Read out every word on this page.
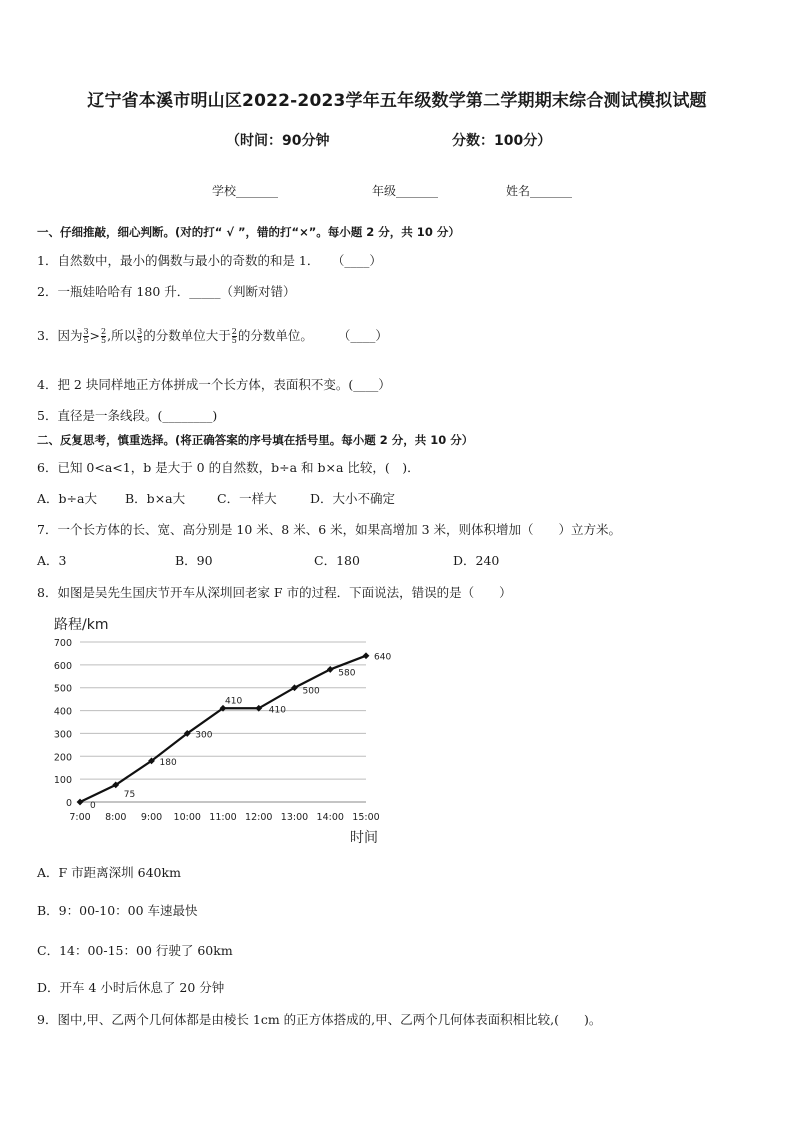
辽宁省本溪市明山区2022-2023学年五年级数学第二学期期末综合测试模拟试题
（时间：90分钟	分数：100分）
学校_______	年级_______	姓名_______
一、仔细推敲，细心判断。(对的打“ √ ”，错的打“×”。每小题 2 分，共 10 分）
1．自然数中，最小的偶数与最小的奇数的和是 1．　　（____）
2．一瓶娃哈哈有 180 升．_____（判断对错）
3．因为 $\frac{3}{5} > \frac{2}{5}$ ,所以 $\frac{3}{5}$ 的分数单位大于 $\frac{2}{5}$ 的分数单位。　　　（____）
4．把 2 块同样地正方体拼成一个长方体，表面积不变。(____）
5．直径是一条线段。(________)
二、反复思考，慎重选择。(将正确答案的序号填在括号里。每小题 2 分，共 10 分）
6．已知 0<a<1，b 是大于 0 的自然数，b÷a 和 b×a 比较，(　)．
A．b÷a大 B．b×a大	C．一样大	D．大小不确定
7．一个长方体的长、宽、高分别是 10 米、8 米、6 米，如果高增加 3 米，则体积增加（　　）立方米。
A．3	B．90	C．180	D．240
8．如图是吴先生国庆节开车从深圳回老家 F 市的过程．下面说法，错误的是（　　）
路程/km
时间
0
100
200
300
400
500
600
700
7:00 8:00 9:00 10:00 11:00 12:00 13:00 14:00 15:00
0
75
180
300
410
410
500
580
640
A．F 市距离深圳 640km
B．9：00-10：00 车速最快
C．14：00-15：00 行驶了 60km
D．开车 4 小时后休息了 20 分钟
9．图中,甲、乙两个几何体都是由棱长 1cm 的正方体搭成的,甲、乙两个几何体表面积相比较,(　　)。
